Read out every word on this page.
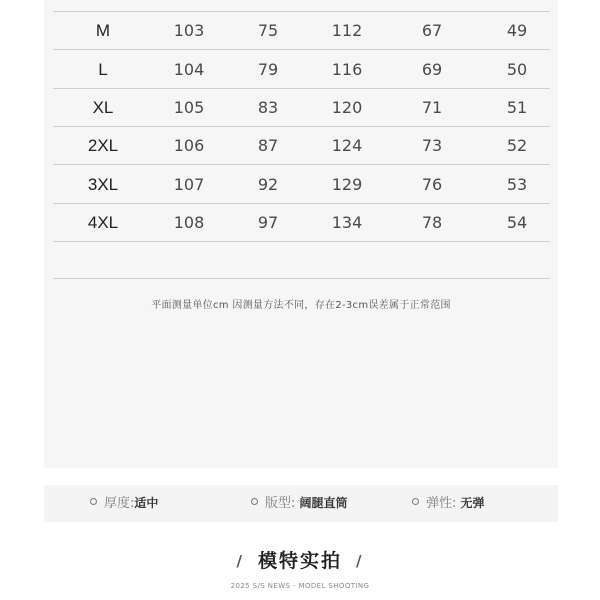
M	103	75	112	67	49
L	104	79	116	69	50
XL	105	83	120	71	51
2XL	106	87	124	73	52
3XL	107	92	129	76	53
4XL	108	97	134	78	54
平面测量单位cm 因测量方法不同，存在2-3cm误差属于正常范围
厚度:适中	版型: 阔腿直筒	弹性: 无弹
/ 模特实拍 /
2025 S/S NEWS - MODEL SHOOTING
